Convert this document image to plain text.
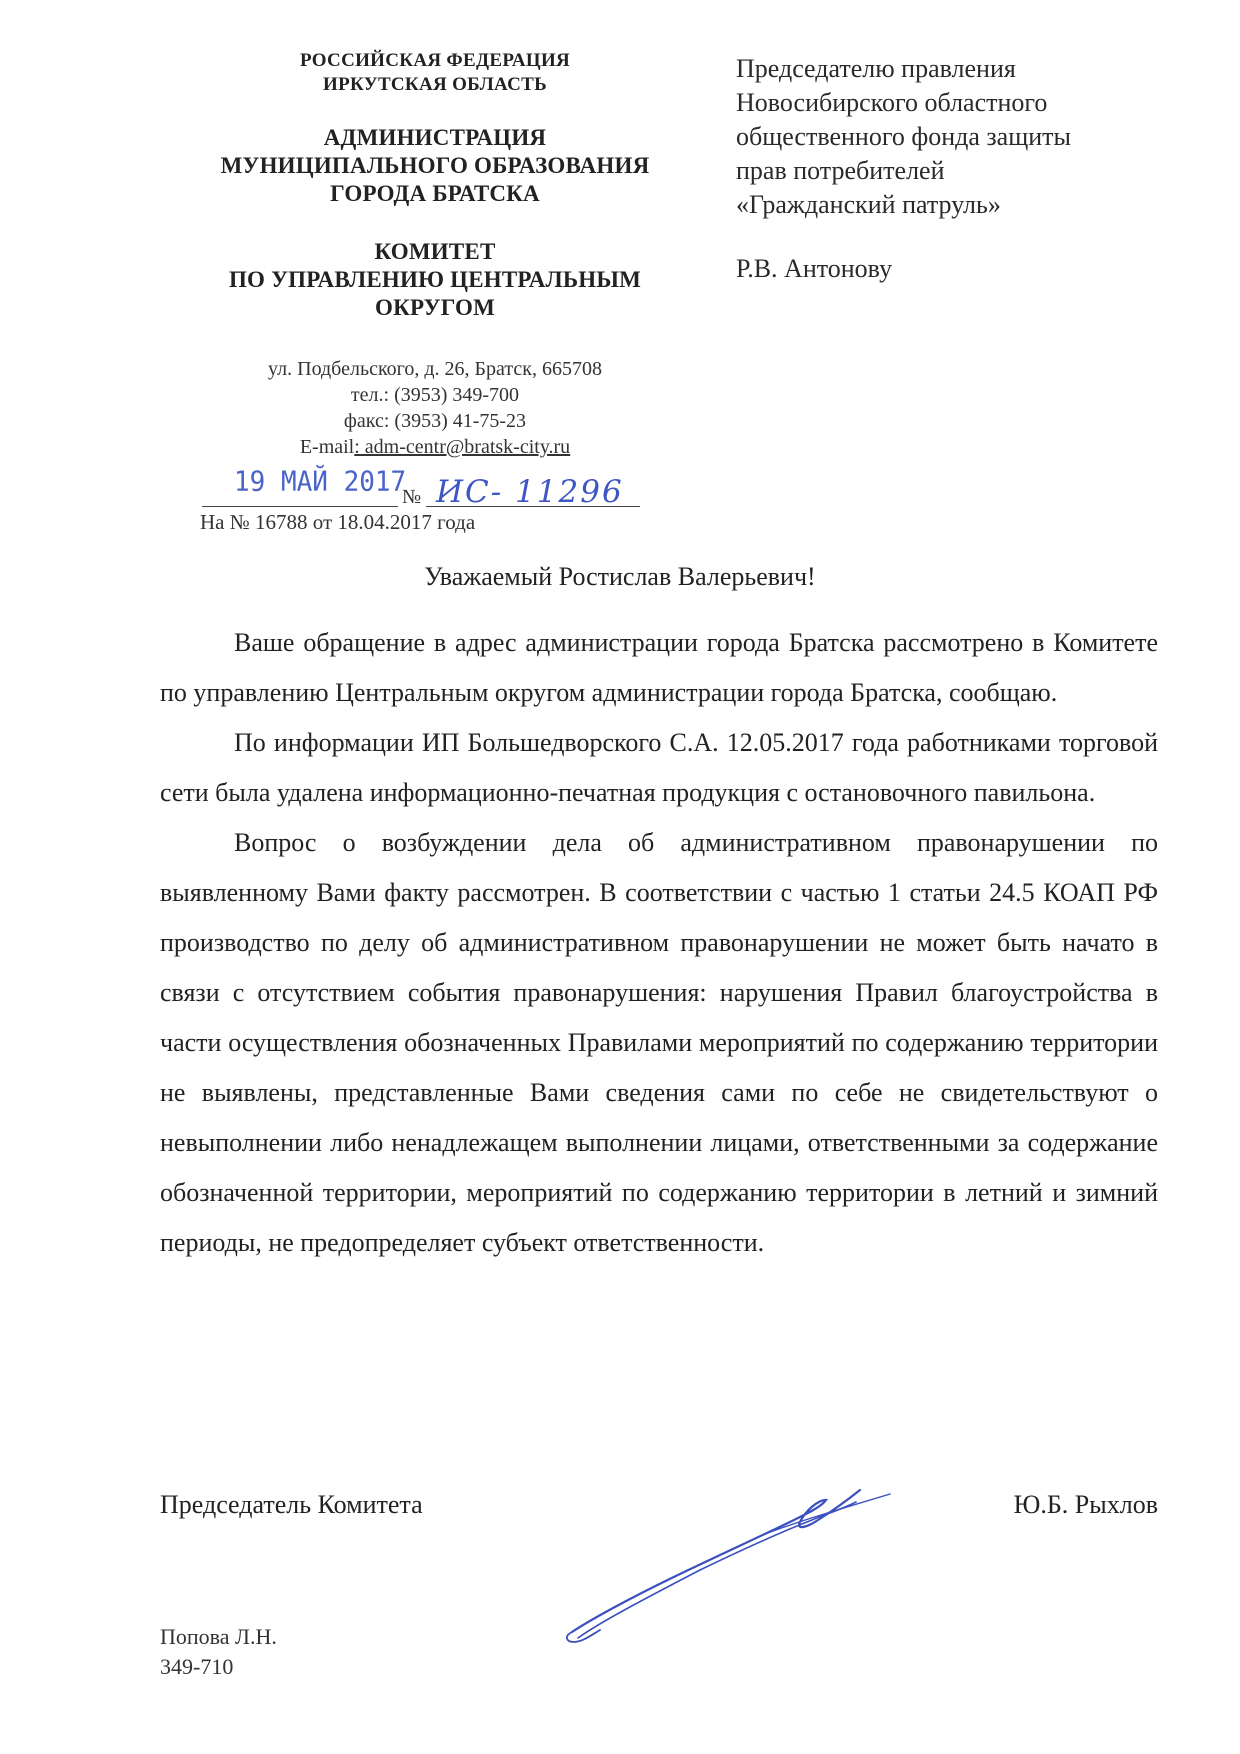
РОССИЙСКАЯ ФЕДЕРАЦИЯ
ИРКУТСКАЯ ОБЛАСТЬ
АДМИНИСТРАЦИЯ
МУНИЦИПАЛЬНОГО ОБРАЗОВАНИЯ
ГОРОДА БРАТСКА
КОМИТЕТ
ПО УПРАВЛЕНИЮ ЦЕНТРАЛЬНЫМ
ОКРУГОМ
ул. Подбельского, д. 26, Братск, 665708
тел.: (3953) 349-700
факс: (3953) 41-75-23
E-mail: adm-centr@bratsk-city.ru
19 МАЙ 2017
№ ИС- 11296
На № 16788 от 18.04.2017 года
Председателю правления
Новосибирского областного
общественного фонда защиты
прав потребителей
«Гражданский патруль»
Р.В. Антонову
Уважаемый Ростислав Валерьевич!

Ваше обращение в адрес администрации города Братска рассмотрено в Комитете по управлению Центральным округом администрации города Братска, сообщаю.

По информации ИП Большедворского С.А. 12.05.2017 года работниками торговой сети была удалена информационно-печатная продукция с остановочного павильона.

Вопрос о возбуждении дела об административном правонарушении по выявленному Вами факту рассмотрен. В соответствии с частью 1 статьи 24.5 КОАП РФ производство по делу об административном правонарушении не может быть начато в связи с отсутствием события правонарушения: нарушения Правил благоустройства в части осуществления обозначенных Правилами мероприятий по содержанию территории не выявлены, представленные Вами сведения сами по себе не свидетельствуют о невыполнении либо ненадлежащем выполнении лицами, ответственными за содержание обозначенной территории, мероприятий по содержанию территории в летний и зимний периоды, не предопределяет субъект ответственности.

Председатель Комитета	Ю.Б. Рыхлов
Попова Л.Н.
349-710
